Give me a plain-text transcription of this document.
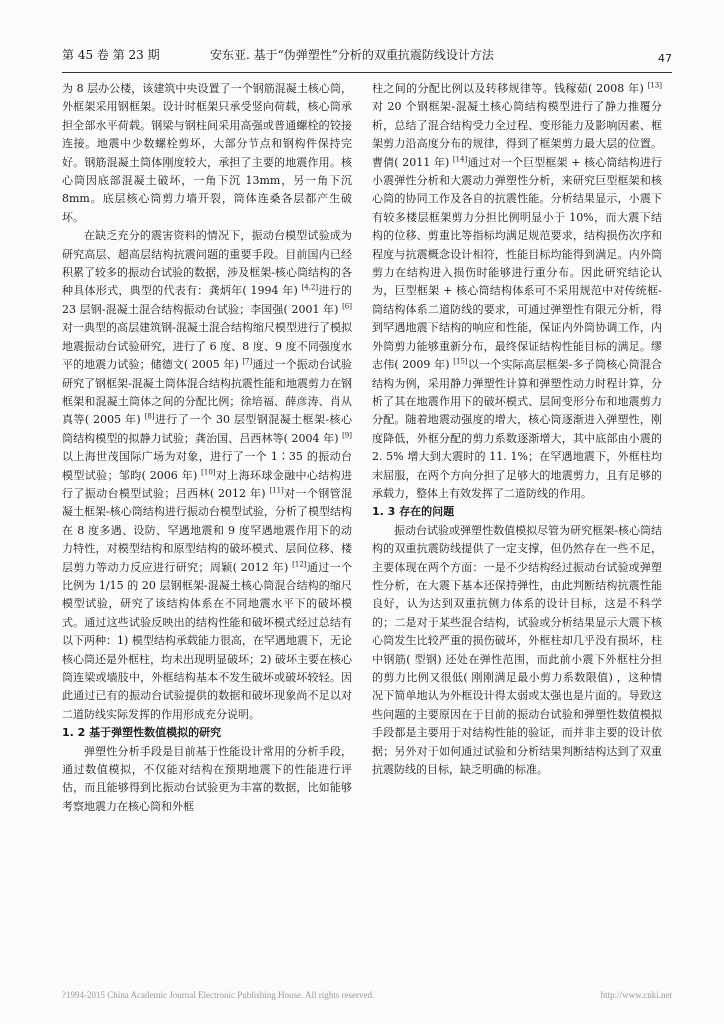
第 45 卷 第 23 期	安东亚. 基于“伪弹塑性”分析的双重抗震防线设计方法	47

为 8 层办公楼，该建筑中央设置了一个钢筋混凝土核心筒，外框架采用钢框架。设计时框架只承受竖向荷载，核心筒承担全部水平荷载。钢梁与钢柱间采用高强或普通螺栓的铰接连接。地震中少数螺栓剪坏，大部分节点和钢构件保持完好。钢筋混凝土筒体刚度较大，承担了主要的地震作用。核心筒因底部混凝土破坏，一角下沉 13mm，另一角下沉 8mm。底层核心筒剪力墙开裂，筒体连桑各层都产生破坏。

在缺乏充分的震害资料的情况下，振动台模型试验成为研究高层、超高层结构抗震问题的重要手段。目前国内已经积累了较多的振动台试验的数据，涉及框架-核心筒结构的各种具体形式，典型的代表有：龚炳年( 1994 年) [4,2]进行的 23 层钢-混凝土混合结构振动台试验；李国强( 2001 年) [6]对一典型的高层建筑钢-混凝土混合结构缩尺模型进行了模拟地震振动台试验研究，进行了 6 度、8 度、9 度不同强度水平的地震力试验；储德文( 2005 年) [7]通过一个振动台试验研究了钢框架-混凝土筒体混合结构抗震性能和地震剪力在钢框架和混凝土筒体之间的分配比例；徐培福、薛彦涛、肖从真等( 2005 年) [8]进行了一个 30 层型钢混凝土框架-核心筒结构模型的拟静力试验；龚治国、吕西林等( 2004 年) [9]以上海世茂国际广场为对象，进行了一个 1∶35 的振动台模型试验；邹昀( 2006 年) [10]对上海环球金融中心结构进行了振动台模型试验；吕西林( 2012 年) [11]对一个钢管混凝土框架-核心筒结构进行振动台模型试验，分析了模型结构在 8 度多遇、设防、罕遇地震和 9 度罕遇地震作用下的动力特性，对模型结构和原型结构的破坏模式、层间位移、楼层剪力等动力反应进行研究；周颖( 2012 年) [12]通过一个比例为 1/15 的 20 层钢框架-混凝土核心筒混合结构的缩尺模型试验，研究了该结构体系在不同地震水平下的破坏模式。通过这些试验反映出的结构性能和破坏模式经过总结有以下两种：1) 模型结构承载能力很高，在罕遇地震下，无论核心筒还是外框柱，均未出现明显破坏；2) 破坏主要在核心筒连梁或墙肢中，外框结构基本不发生破坏或破坏较轻。因此通过已有的振动台试验提供的数据和破坏现象尚不足以对二道防线实际发挥的作用形成充分说明。

1. 2 基于弹塑性数值模拟的研究

弹塑性分析手段是目前基于性能设计常用的分析手段，通过数值模拟，不仅能对结构在预期地震下的性能进行评估，而且能够得到比振动台试验更为丰富的数据，比如能够考察地震力在核心筒和外框

柱之间的分配比例以及转移规律等。钱稼茹( 2008 年) [13]对 20 个钢框架-混凝土核心筒结构模型进行了静力推覆分析，总结了混合结构受力全过程、变形能力及影响因素、框架剪力沿高度分布的规律，得到了框架剪力最大层的位置。曹倩( 2011 年) [14]通过对一个巨型框架 + 核心筒结构进行小震弹性分析和大震动力弹塑性分析，来研究巨型框架和核心筒的协同工作及各自的抗震性能。分析结果显示，小震下有较多楼层框架剪力分担比例明显小于 10%，而大震下结构的位移、剪重比等指标均满足规范要求，结构损伤次序和程度与抗震概念设计相符，性能目标均能得到满足。内外筒剪力在结构进入损伤时能够进行重分布。因此研究结论认为，巨型框架 + 核心筒结构体系可不采用规范中对传统框-筒结构体系二道防线的要求，可通过弹塑性有限元分析，得到罕遇地震下结构的响应和性能，保证内外筒协调工作，内外筒剪力能够重新分布，最终保证结构性能目标的满足。缪志伟( 2009 年) [15]以一个实际高层框架-多子筒核心筒混合结构为例，采用静力弹塑性计算和弹塑性动力时程计算，分析了其在地震作用下的破坏模式、层间变形分布和地震剪力分配。随着地震动强度的增大，核心筒逐渐进入弹塑性，刚度降低，外框分配的剪力系数逐渐增大，其中底部由小震的 2. 5% 增大到大震时的 11. 1%；在罕遇地震下，外框柱均末屈服，在两个方向分担了足够大的地震剪力，且有足够的承载力，整体上有效发挥了二道防线的作用。

1. 3 存在的问题

振动台试验或弹塑性数值模拟尽管为研究框架-核心筒结构的双重抗震防线提供了一定支撑，但仍然存在一些不足，主要体现在两个方面：一是不少结构经过振动台试验或弹塑性分析，在大震下基本还保持弹性，由此判断结构抗震性能良好，认为达到双重抗侧力体系的设计目标，这是不科学的；二是对于某些混合结构，试验或分析结果显示大震下核心筒发生比较严重的损伤破坏，外框柱却几乎没有损坏，柱中钢筋( 型钢) 还处在弹性范围，而此前小震下外框柱分担的剪力比例又很低( 刚刚满足最小剪力系数限值) ，这种情况下简单地认为外框设计得太弱或太强也是片面的。导致这些问题的主要原因在于目前的振动台试验和弹塑性数值模拟手段都是主要用于对结构性能的验证，而并非主要的设计依据；另外对于如何通过试验和分析结果判断结构达到了双重抗震防线的目标，缺乏明确的标准。

?1994-2015 China Academic Journal Electronic Publishing House. All rights reserved.	http://www.cnki.net
